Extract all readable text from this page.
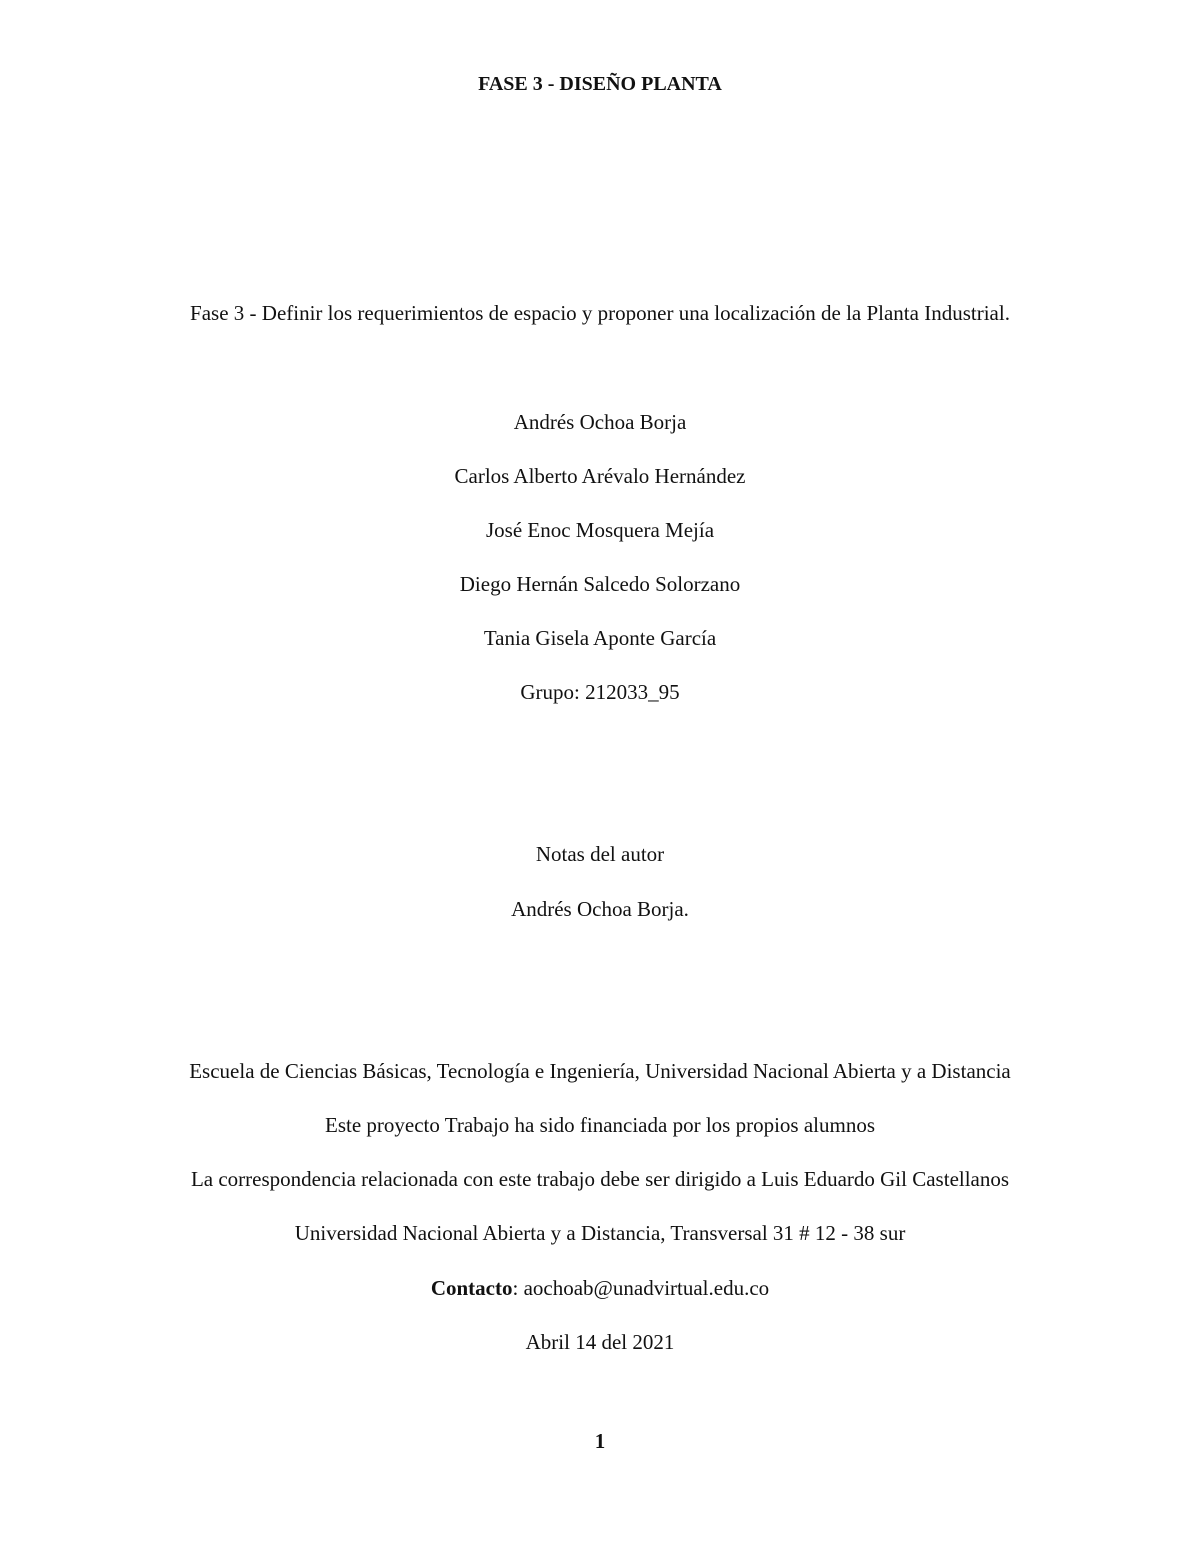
FASE 3 - DISEÑO PLANTA
Fase 3 - Definir los requerimientos de espacio y proponer una localización de la Planta Industrial.
Andrés Ochoa Borja
Carlos Alberto Arévalo Hernández
José Enoc Mosquera Mejía
Diego Hernán Salcedo Solorzano
Tania Gisela Aponte García
Grupo: 212033_95
Notas del autor
Andrés Ochoa Borja.
Escuela de Ciencias Básicas, Tecnología e Ingeniería, Universidad Nacional Abierta y a Distancia
Este proyecto Trabajo ha sido financiada por los propios alumnos
La correspondencia relacionada con este trabajo debe ser dirigido a Luis Eduardo Gil Castellanos
Universidad Nacional Abierta y a Distancia, Transversal 31 # 12 - 38 sur
Contacto: aochoab@unadvirtual.edu.co
Abril 14 del 2021
1
